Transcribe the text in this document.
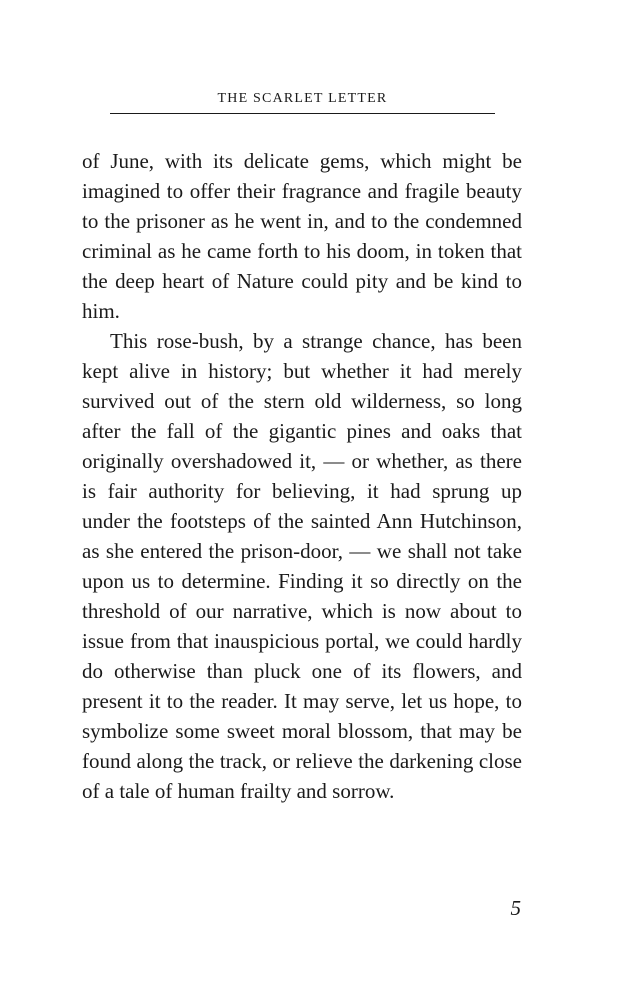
THE SCARLET LETTER

of June, with its delicate gems, which might be imagined to offer their fragrance and fragile beauty to the prisoner as he went in, and to the condemned criminal as he came forth to his doom, in token that the deep heart of Nature could pity and be kind to him.

This rose-bush, by a strange chance, has been kept alive in history; but whether it had merely survived out of the stern old wilderness, so long after the fall of the gigantic pines and oaks that originally overshadowed it, — or whether, as there is fair authority for believing, it had sprung up under the footsteps of the sainted Ann Hutchinson, as she entered the prison-door, — we shall not take upon us to determine. Finding it so directly on the threshold of our narrative, which is now about to issue from that inauspicious portal, we could hardly do otherwise than pluck one of its flowers, and present it to the reader. It may serve, let us hope, to symbolize some sweet moral blossom, that may be found along the track, or relieve the darkening close of a tale of human frailty and sorrow.

5
